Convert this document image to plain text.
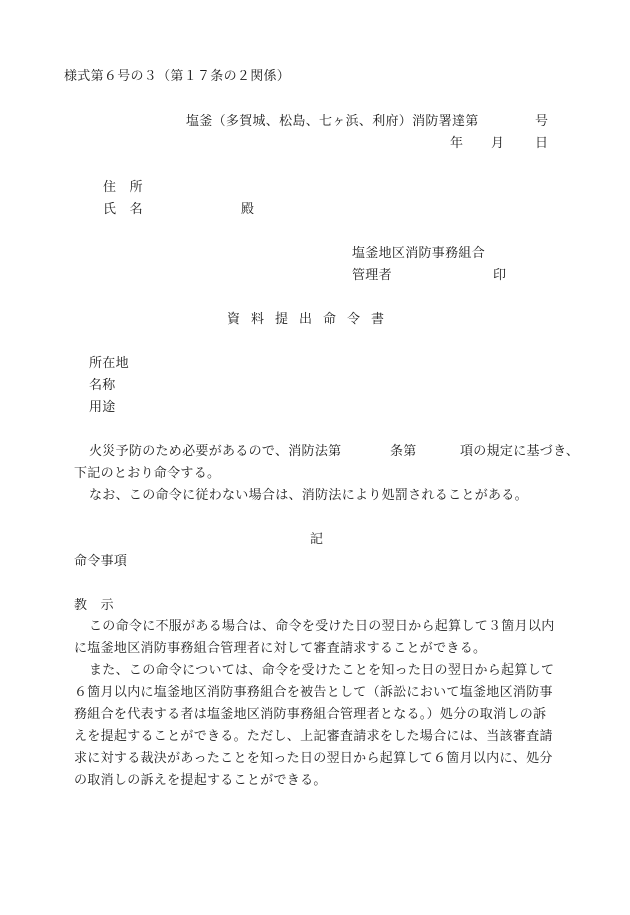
様式第６号の３（第１７条の２関係）
塩釜（多賀城、松島、七ヶ浜、利府）消防署達第	号
年 月 日
住　所
氏　名	殿
塩釜地区消防事務組合
管理者	印
資 料 提 出 命 令 書
所在地
名称
用途
火災予防のため必要があるので、消防法第	条第	項の規定に基づき、
下記のとおり命令する。
なお、この命令に従わない場合は、消防法により処罰されることがある。
記
命令事項
教　示
この命令に不服がある場合は、命令を受けた日の翌日から起算して３箇月以内
に塩釜地区消防事務組合管理者に対して審査請求することができる。
また、この命令については、命令を受けたことを知った日の翌日から起算して
６箇月以内に塩釜地区消防事務組合を被告として（訴訟において塩釜地区消防事
務組合を代表する者は塩釜地区消防事務組合管理者となる。）処分の取消しの訴
えを提起することができる。ただし、上記審査請求をした場合には、当該審査請
求に対する裁決があったことを知った日の翌日から起算して６箇月以内に、処分
の取消しの訴えを提起することができる。
